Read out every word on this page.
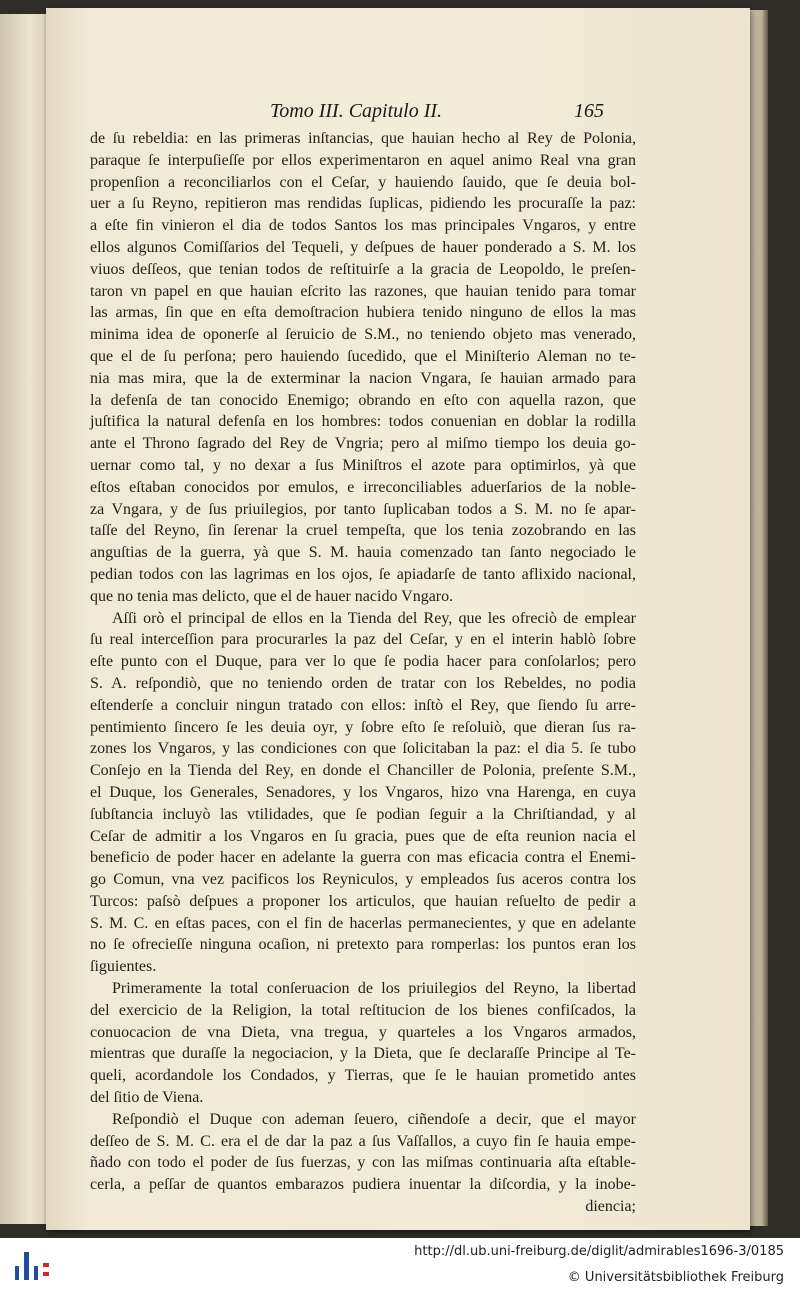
Tomo III. Capitulo II.	165
de ſu rebeldia: en las primeras inſtancias, que hauian hecho al Rey de Polonia,
paraque ſe interpuſieſſe por ellos experimentaron en aquel animo Real vna gran
propenſion a reconciliarlos con el Ceſar, y hauiendo ſauido, que ſe deuia bol-
uer a ſu Reyno, repitieron mas rendidas ſuplicas, pidiendo les procuraſſe la paz:
a eſte fin vinieron el dia de todos Santos los mas principales Vngaros, y entre
ellos algunos Comiſſarios del Tequeli, y deſpues de hauer ponderado a S. M. los
viuos deſſeos, que tenian todos de reſtituirſe a la gracia de Leopoldo, le preſen-
taron vn papel en que hauian eſcrito las razones, que hauian tenido para tomar
las armas, ſin que en eſta demoſtracion hubiera tenido ninguno de ellos la mas
minima idea de oponerſe al ſeruicio de S.M., no teniendo objeto mas venerado,
que el de ſu perſona; pero hauiendo ſucedido, que el Miniſterio Aleman no te-
nia mas mira, que la de exterminar la nacion Vngara, ſe hauian armado para
la defenſa de tan conocido Enemigo; obrando en eſto con aquella razon, que
juſtifica la natural defenſa en los hombres: todos conuenian en doblar la rodilla
ante el Throno ſagrado del Rey de Vngria; pero al miſmo tiempo los deuia go-
uernar como tal, y no dexar a ſus Miniſtros el azote para optimirlos, yà que
eſtos eſtaban conocidos por emulos, e irreconciliables aduerſarios de la noble-
za Vngara, y de ſus priuilegios, por tanto ſuplicaban todos a S. M. no ſe apar-
taſſe del Reyno, ſin ſerenar la cruel tempeſta, que los tenia zozobrando en las
anguſtias de la guerra, yà que S. M. hauia comenzado tan ſanto negociado le
pedian todos con las lagrimas en los ojos, ſe apiadarſe de tanto aflixido nacional,
que no tenia mas delicto, que el de hauer nacido Vngaro.
Aſſi orò el principal de ellos en la Tienda del Rey, que les ofreciò de emplear
ſu real interceſſion para procurarles la paz del Ceſar, y en el interin hablò ſobre
eſte punto con el Duque, para ver lo que ſe podia hacer para conſolarlos; pero
S. A. reſpondiò, que no teniendo orden de tratar con los Rebeldes, no podia
eſtenderſe a concluir ningun tratado con ellos: inſtò el Rey, que ſiendo ſu arre-
pentimiento ſincero ſe les deuia oyr, y ſobre eſto ſe reſoluiò, que dieran ſus ra-
zones los Vngaros, y las condiciones con que ſolicitaban la paz: el dia 5. ſe tubo
Conſejo en la Tienda del Rey, en donde el Chanciller de Polonia, preſente S.M.,
el Duque, los Generales, Senadores, y los Vngaros, hizo vna Harenga, en cuya
ſubſtancia incluyò las vtilidades, que ſe podian ſeguir a la Chriſtiandad, y al
Ceſar de admitir a los Vngaros en ſu gracia, pues que de eſta reunion nacia el
beneficio de poder hacer en adelante la guerra con mas eficacia contra el Enemi-
go Comun, vna vez pacificos los Reyniculos, y empleados ſus aceros contra los
Turcos: paſsò deſpues a proponer los articulos, que hauian reſuelto de pedir a
S. M. C. en eſtas paces, con el fin de hacerlas permanecientes, y que en adelante
no ſe ofrecieſſe ninguna ocaſion, ni pretexto para romperlas: los puntos eran los
ſiguientes.
Primeramente la total conſeruacion de los priuilegios del Reyno, la libertad
del exercicio de la Religion, la total reſtitucion de los bienes confiſcados, la
conuocacion de vna Dieta, vna tregua, y quarteles a los Vngaros armados,
mientras que duraſſe la negociacion, y la Dieta, que ſe declaraſſe Principe al Te-
queli, acordandole los Condados, y Tierras, que ſe le hauian prometido antes
del ſitio de Viena.
Reſpondiò el Duque con ademan ſeuero, ciñendoſe a decir, que el mayor
deſſeo de S. M. C. era el de dar la paz a ſus Vaſſallos, a cuyo fin ſe hauia empe-
ñado con todo el poder de ſus fuerzas, y con las miſmas continuaria aſta eſtable-
cerla, a peſſar de quantos embarazos pudiera inuentar la diſcordia, y la inobe-
diencia;
http://dl.ub.uni-freiburg.de/diglit/admirables1696-3/0185
© Universitätsbibliothek Freiburg
